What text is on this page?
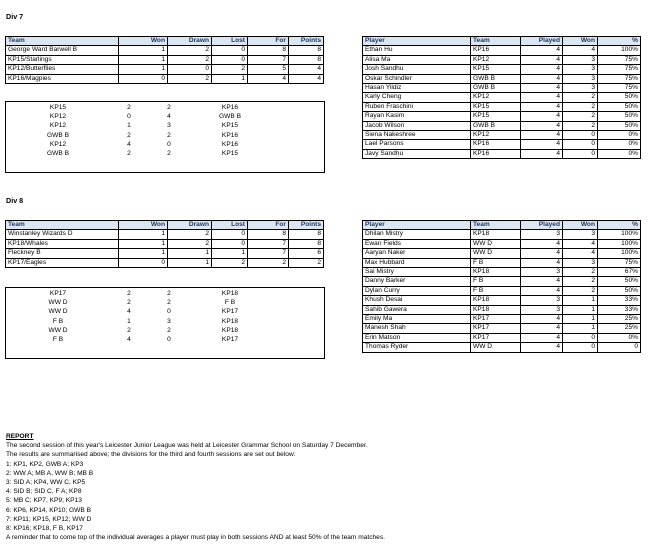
Div 7
Team	Won	Drawn	Lost	For	Points
George Ward Barwell B	1	2	0	8	8
KP15/Starlings	1	2	0	7	8
KP12/Butterflies	1	0	2	5	4
KP16/Magpies	0	2	1	4	4
KP15	2	2	KP16	
KP12	0	4	GWB B	
KP12	1	3	KP15	
GWB B	2	2	KP16	
KP12	4	0	KP16	
GWB B	2	2	KP15	
Player	Team	Played	Won	%
Ethan Hu	KP16	4	4	100%
Alisa Ma	KP12	4	3	75%
Josh Sandhu	KP15	4	3	75%
Oskar Schindler	GWB B	4	3	75%
Hasan Yildiz	GWB B	4	3	75%
Karly Cheng	KP12	4	2	50%
Ruben Fraschini	KP15	4	2	50%
Rayan Kasim	KP15	4	2	50%
Jacob Wilson	GWB B	4	2	50%
Siena Nakeshree	KP12	4	0	0%
Lael Parsons	KP16	4	0	0%
Javy Sandhu	KP16	4	0	0%
Div 8
Team	Won	Drawn	Lost	For	Points
Winstanley Wizards D	1	2	0	8	8
KP18/Whales	1	2	0	7	8
Fleckney B	1	1	1	7	6
KP17/Eagles	0	1	2	2	2
KP17	2	2	KP18	
WW D	2	2	F B	
WW D	4	0	KP17	
F B	1	3	KP18	
WW D	2	2	KP18	
F B	4	0	KP17	
Player	Team	Played	Won	%
Dhilan Mistry	KP18	3	3	100%
Ewan Fields	WW D	4	4	100%
Aaryan Naker	WW D	4	4	100%
Max Hubbard	F B	4	3	75%
Sai Mistry	KP18	3	2	67%
Danny Barker	F B	4	2	50%
Dylan Curry	F B	4	2	50%
Khush Desai	KP18	3	1	33%
Sahib Gawera	KP18	3	1	33%
Emily Ma	KP17	4	1	25%
Manesh Shah	KP17	4	1	25%
Erin Matson	KP17	4	0	0%
Thomas Ryder	WW D	4	0	0
REPORT
The second session of this year's Leicester Junior League was held at Leicester Grammar School on Saturday 7 December.
The results are summarised above; the divisions for the third and fourth sessions are set out below:
1: KP1, KP2, GWB A; KP3
2: WW A; MB A, WW B; MB B
3: SID A; KP4, WW C, KP5
4: SID B; SID C, F A; KP8
5: MB C; KP7, KP9; KP13
6: KP6, KP14, KP10; GWB B
7: KP11; KP15, KP12; WW D
8: KP16; KP18, F B, KP17
A reminder that to come top of the individual averages a player must play in both sessions AND at least 50% of the team matches.
